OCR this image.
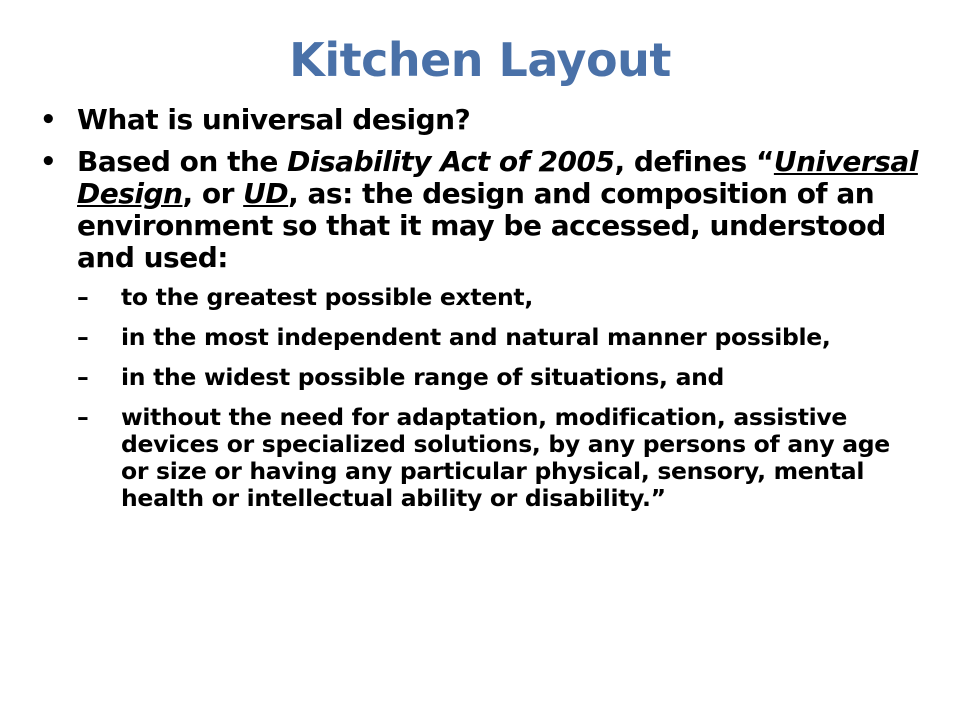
Kitchen Layout
• What is universal design?
• Based on the Disability Act of 2005, defines “Universal Design, or UD, as: the design and composition of an environment so that it may be accessed, understood and used:
– to the greatest possible extent,
– in the most independent and natural manner possible,
– in the widest possible range of situations, and
– without the need for adaptation, modification, assistive devices or specialized solutions, by any persons of any age or size or having any particular physical, sensory, mental health or intellectual ability or disability.”
